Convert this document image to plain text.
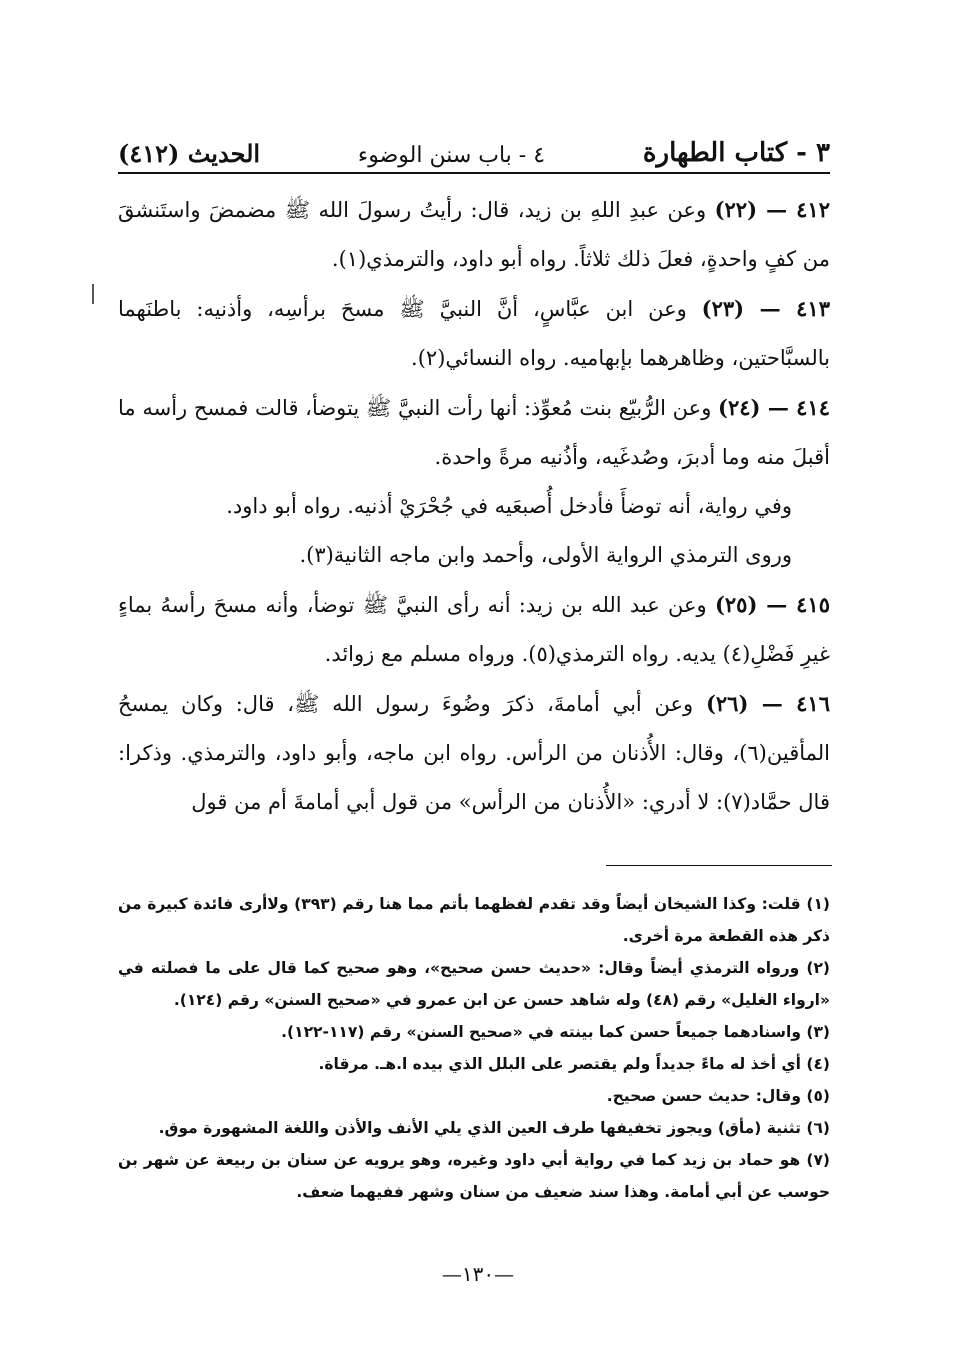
٣ - كتاب الطهارة
٤ - باب سنن الوضوء
الحديث (٤١٢)

٤١٢ — (٢٢) وعن عبدِ اللهِ بن زيد، قال: رأيتُ رسولَ الله ﷺ مضمضَ واستَنشقَ من كفٍ واحدةٍ، فعلَ ذلك ثلاثاً. رواه أبو داود، والترمذي(١).

٤١٣ — (٢٣) وعن ابن عبَّاسٍ، أنَّ النبيَّ ﷺ مسحَ برأسِه، وأذنيه: باطنَهما بالسبَّاحتين، وظاهرهما بإبهاميه. رواه النسائي(٢).

٤١٤ — (٢٤) وعن الرُّبيّع بنت مُعوِّذ: أنها رأت النبيَّ ﷺ يتوضأ، قالت فمسح رأسه ما أقبلَ منه وما أدبرَ، وصُدغَيه، وأذُنيه مرةً واحدة.

وفي رواية، أنه توضأَ فأدخل أُصبعَيه في جُحْرَيْ أذنيه. رواه أبو داود.

وروى الترمذي الرواية الأولى، وأحمد وابن ماجه الثانية(٣).

٤١٥ — (٢٥) وعن عبد الله بن زيد: أنه رأى النبيَّ ﷺ توضأ، وأنه مسحَ رأسهُ بماءٍ غيرِ فَضْلِ(٤) يديه. رواه الترمذي(٥). ورواه مسلم مع زوائد.

٤١٦ — (٢٦) وعن أبي أمامةَ، ذكرَ وضُوءَ رسول الله ﷺ، قال: وكان يمسحُ المأقين(٦)، وقال: الأُذنان من الرأس. رواه ابن ماجه، وأبو داود، والترمذي. وذكرا: قال حمَّاد(٧): لا أدري: «الأُذنان من الرأس» من قول أبي أمامةَ أم من قول

(١) قلت: وكذا الشيخان أيضاً وقد تقدم لفظهما بأتم مما هنا رقم (٣٩٣) ولاأرى فائدة كبيرة من ذكر هذه القطعة مرة أخرى.

(٢) ورواه الترمذي أيضاً وقال: «حديث حسن صحيح»، وهو صحيح كما قال على ما فصلته في «ارواء الغليل» رقم (٤٨) وله شاهد حسن عن ابن عمرو في «صحيح السنن» رقم (١٢٤).

(٣) واسنادهما جميعاً حسن كما بينته في «صحيح السنن» رقم (١١٧-١٢٢).

(٤) أي أخذ له ماءً جديداً ولم يقتصر على البلل الذي بيده ا.هـ. مرقاة.

(٥) وقال: حديث حسن صحيح.

(٦) تثنية (مأق) ويجوز تخفيفها طرف العين الذي يلي الأنف والأذن واللغة المشهورة موق.

(٧) هو حماد بن زيد كما في رواية أبي داود وغيره، وهو يرويه عن سنان بن ربيعة عن شهر بن حوسب عن أبي أمامة. وهذا سند ضعيف من سنان وشهر ففيهما ضعف.

—١٣٠—
